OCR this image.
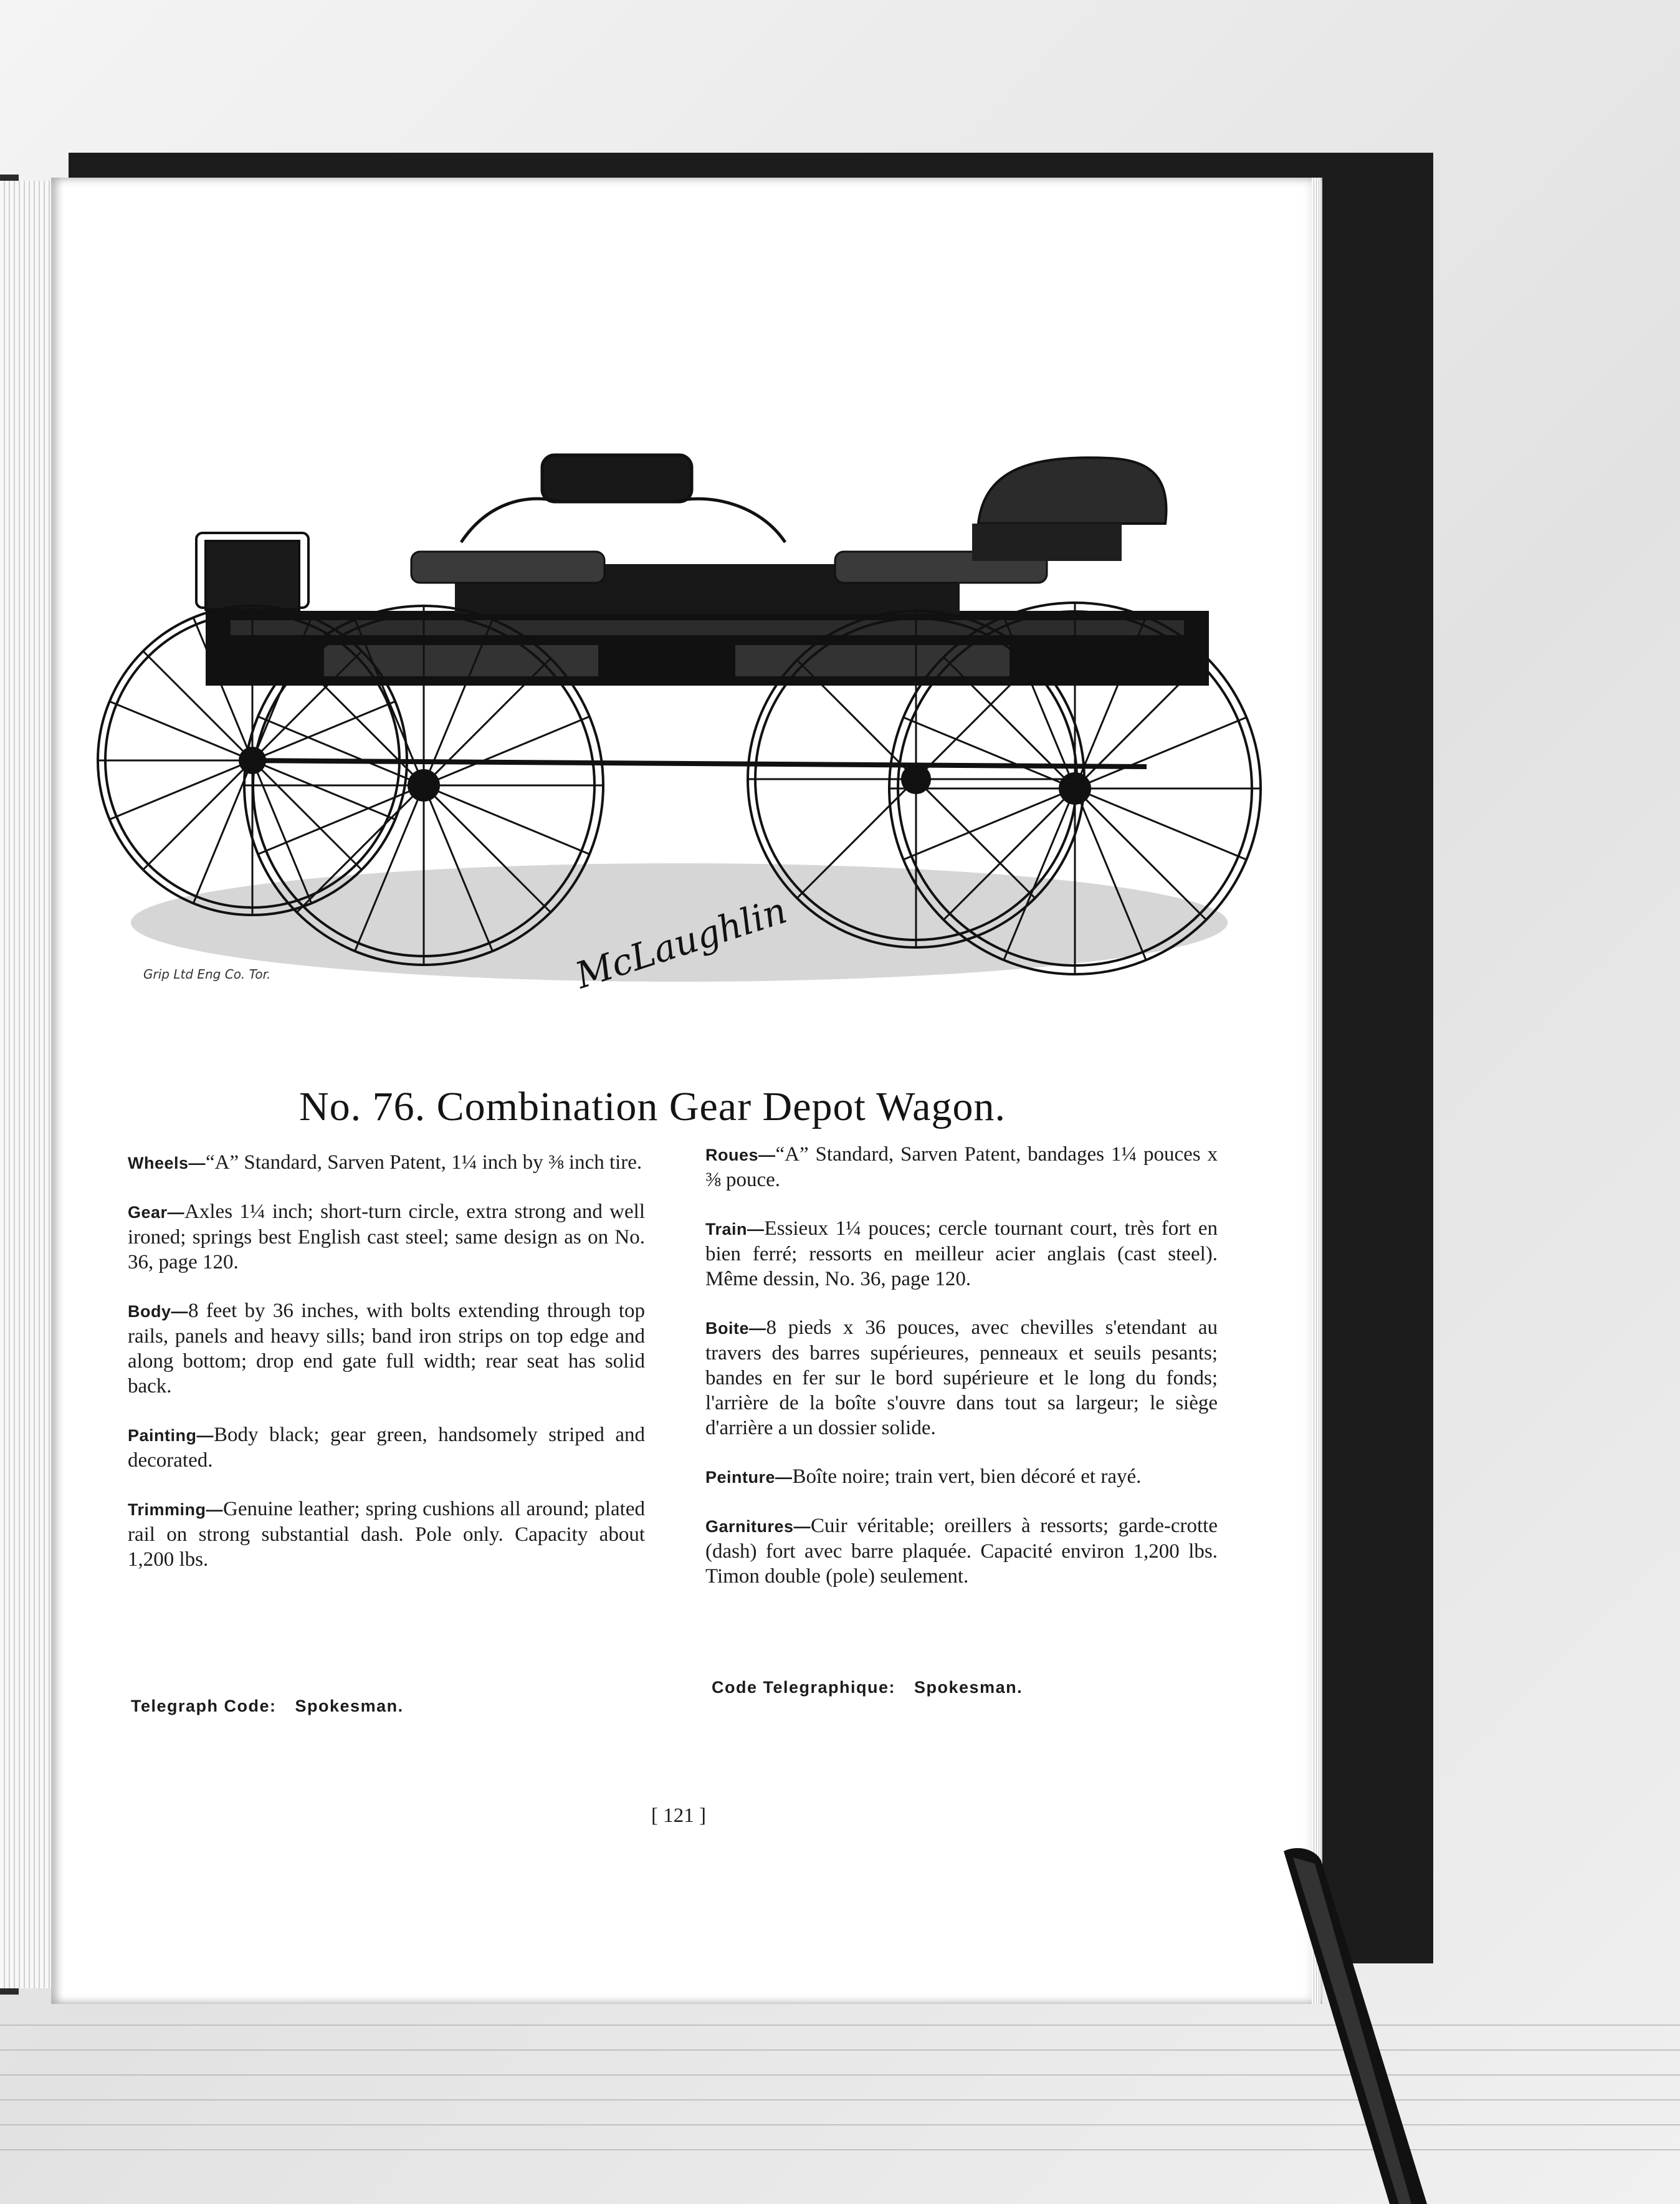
McLaughlin
Grip Ltd Eng Co. Tor.
No. 76. Combination Gear Depot Wagon.

Wheels—“A” Standard, Sarven Patent, 1¼ inch by ⅜ inch tire.

Gear—Axles 1¼ inch; short-turn circle, extra strong and well ironed; springs best English cast steel; same design as on No. 36, page 120.

Body—8 feet by 36 inches, with bolts extending through top rails, panels and heavy sills; band iron strips on top edge and along bottom; drop end gate full width; rear seat has solid back.

Painting—Body black; gear green, handsomely striped and decorated.

Trimming—Genuine leather; spring cushions all around; plated rail on strong substantial dash. Pole only. Capacity about 1,200 lbs.

Roues—“A” Standard, Sarven Patent, bandages 1¼ pouces x ⅜ pouce.

Train—Essieux 1¼ pouces; cercle tournant court, très fort en bien ferré; ressorts en meilleur acier anglais (cast steel). Même dessin, No. 36, page 120.

Boite—8 pieds x 36 pouces, avec chevilles s'etendant au travers des barres supérieures, penneaux et seuils pesants; bandes en fer sur le bord supérieure et le long du fonds; l'arrière de la boîte s'ouvre dans tout sa largeur; le siège d'arrière a un dossier solide.

Peinture—Boîte noire; train vert, bien décoré et rayé.

Garnitures—Cuir véritable; oreillers à ressorts; garde-crotte (dash) fort avec barre plaquée. Capacité environ 1,200 lbs. Timon double (pole) seulement.

Telegraph Code: Spokesman.
Code Telegraphique: Spokesman.
[ 121 ]
